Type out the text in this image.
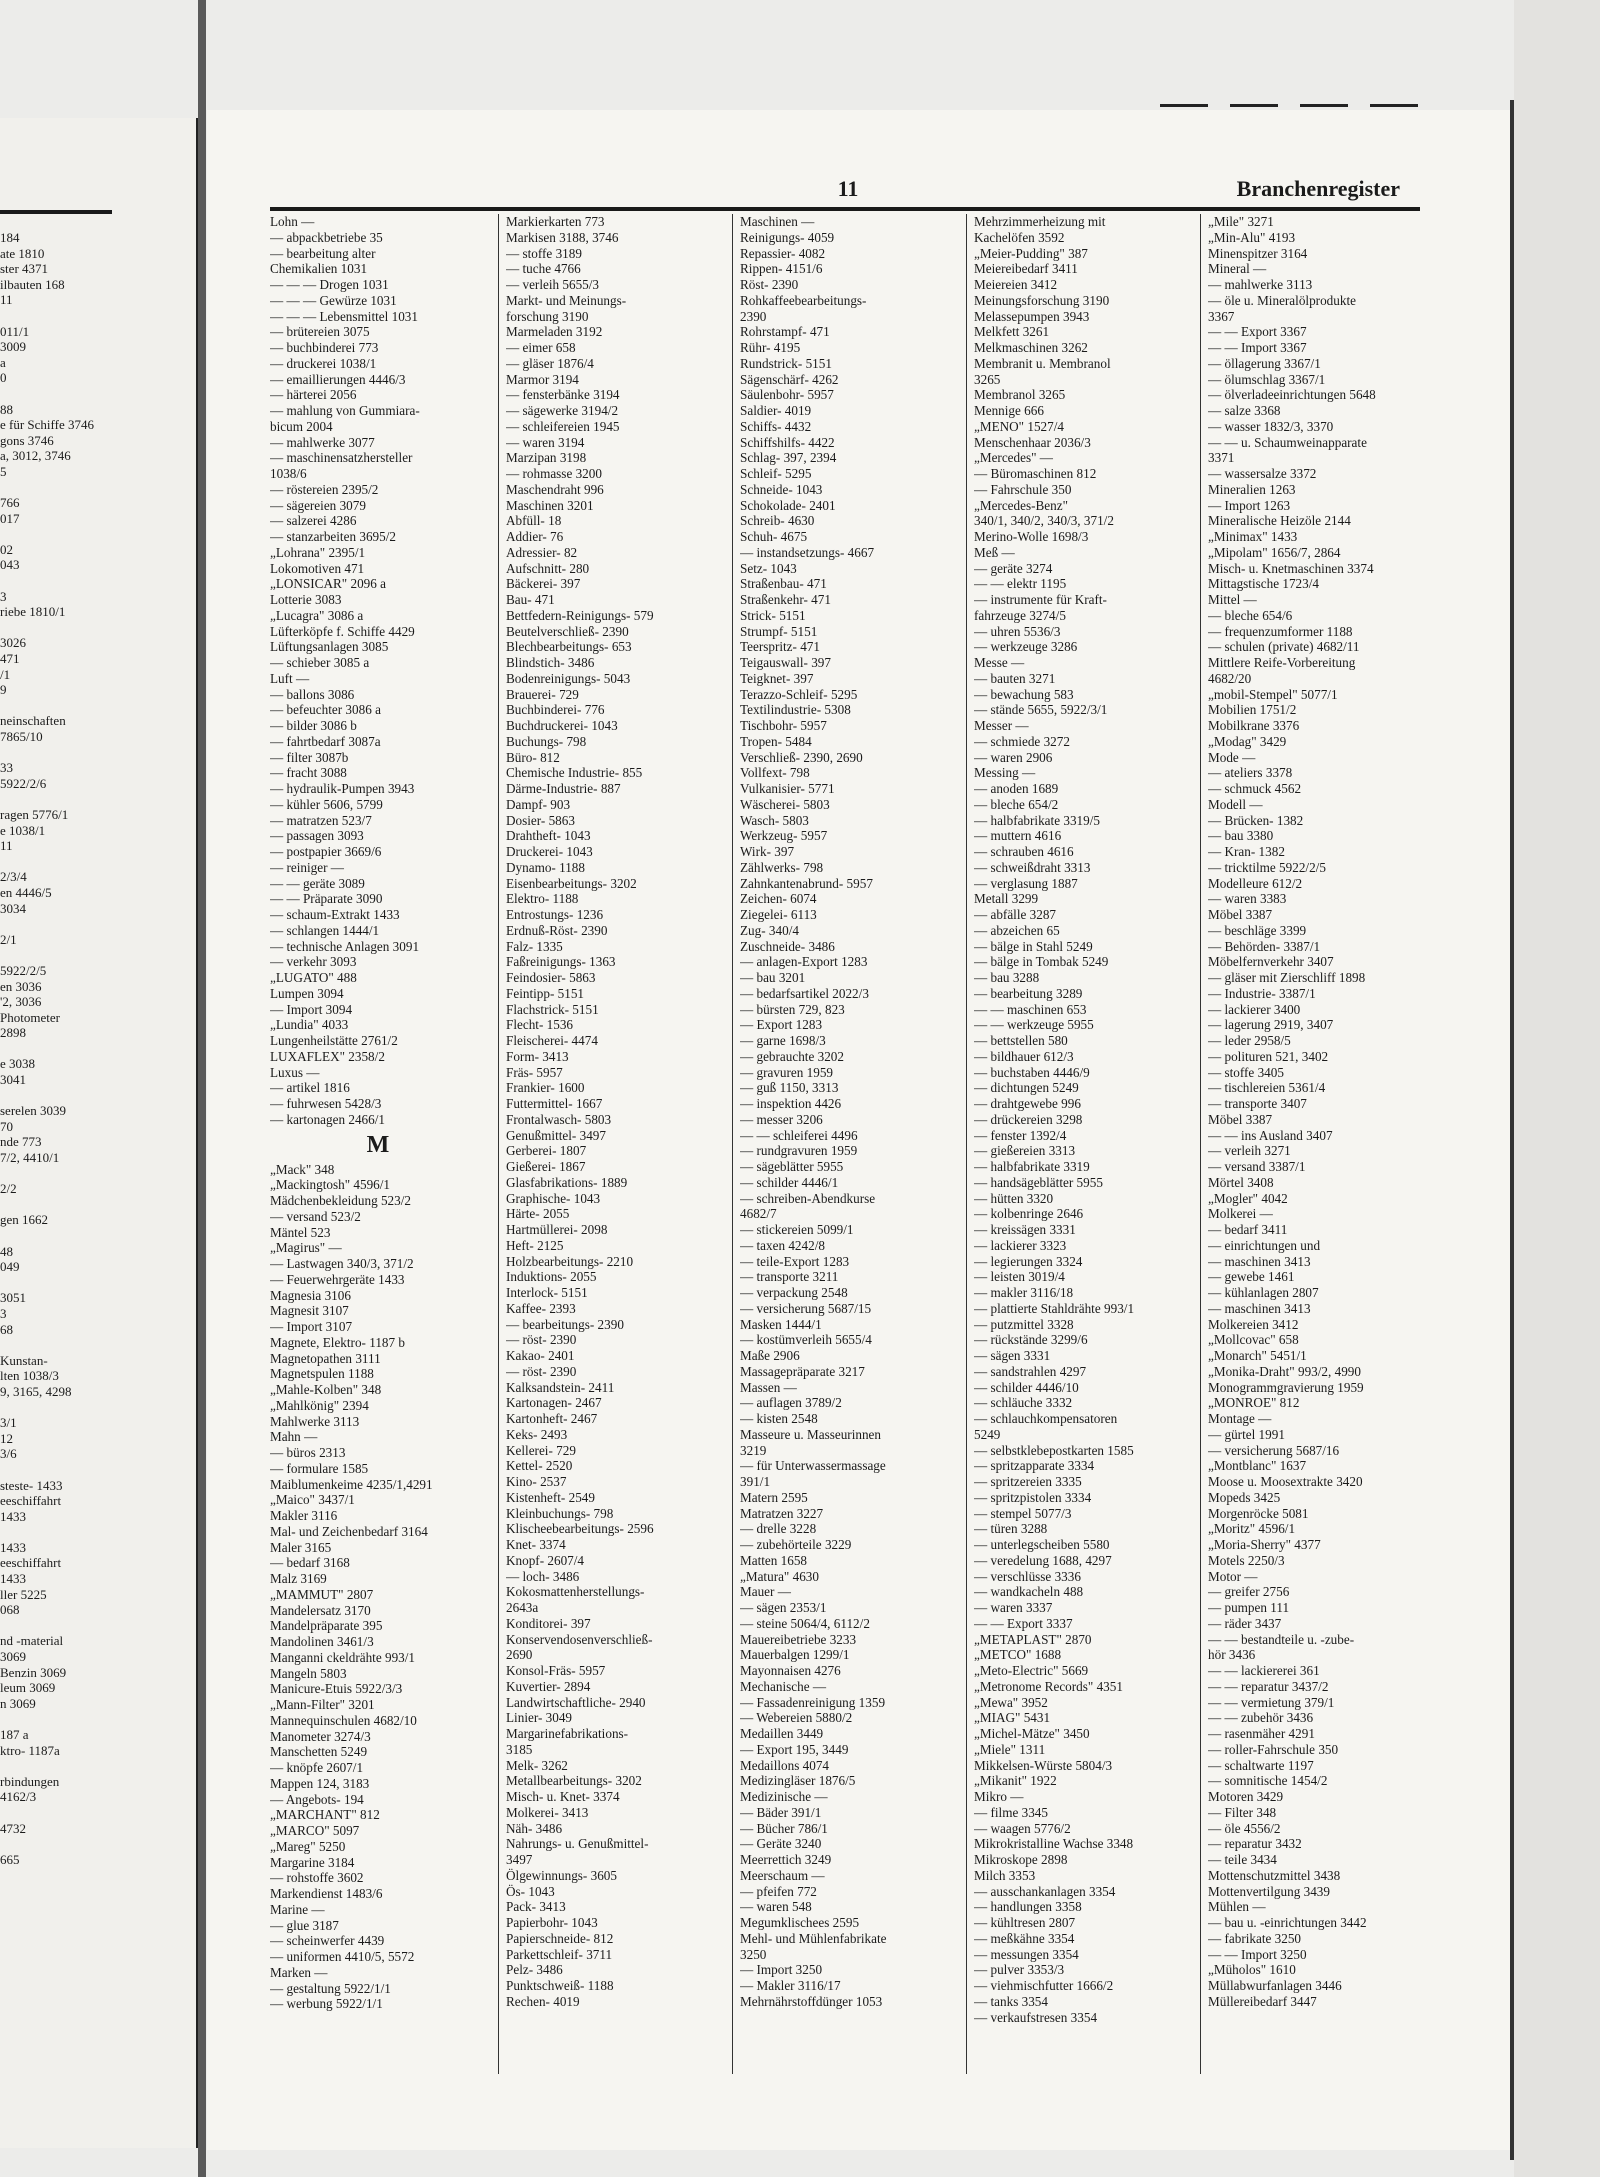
184
ate 1810
ster 4371
ilbauten 168
11
011/1
3009
a
0
88
e für Schiffe 3746
gons 3746
a, 3012, 3746
5
766
017
02
043
3
riebe 1810/1
3026
471
/1
9
neinschaften
7865/10
33
5922/2/6
ragen 5776/1
e 1038/1
11
2/3/4
en 4446/5
3034
2/1
5922/2/5
en 3036
'2, 3036
Photometer
2898
e 3038
3041
serelen 3039
70
nde 773
7/2, 4410/1
2/2
gen 1662
48
049
3051
3
68
Kunstan-
lten 1038/3
9, 3165, 4298
3/1
12
3/6
steste- 1433
eeschiffahrt
1433
1433
eeschiffahrt
1433
ller 5225
068
nd -material
3069
Benzin 3069
leum 3069
n 3069
187 a
ktro- 1187a
rbindungen
4162/3
4732
665
11	Branchenregister
Lohn —
— abpackbetriebe 35
— bearbeitung alter
Chemikalien 1031
— — — Drogen 1031
— — — Gewürze 1031
— — — Lebensmittel 1031
— brütereien 3075
— buchbinderei 773
— druckerei 1038/1
— emaillierungen 4446/3
— härterei 2056
— mahlung von Gummiara-
bicum 2004
— mahlwerke 3077
— maschinensatzhersteller
1038/6
— röstereien 2395/2
— sägereien 3079
— salzerei 4286
— stanzarbeiten 3695/2
„Lohrana" 2395/1
Lokomotiven 471
„LONSICAR" 2096 a
Lotterie 3083
„Lucagra" 3086 a
Lüfterköpfe f. Schiffe 4429
Lüftungsanlagen 3085
— schieber 3085 a
Luft —
— ballons 3086
— befeuchter 3086 a
— bilder 3086 b
— fahrtbedarf 3087a
— filter 3087b
— fracht 3088
— hydraulik-Pumpen 3943
— kühler 5606, 5799
— matratzen 523/7
— passagen 3093
— postpapier 3669/6
— reiniger —
— — geräte 3089
— — Präparate 3090
— schaum-Extrakt 1433
— schlangen 1444/1
— technische Anlagen 3091
— verkehr 3093
„LUGATO" 488
Lumpen 3094
— Import 3094
„Lundia" 4033
Lungenheilstätte 2761/2
LUXAFLEX" 2358/2
Luxus —
— artikel 1816
— fuhrwesen 5428/3
— kartonagen 2466/1
M
„Mack" 348
„Mackingtosh" 4596/1
Mädchenbekleidung 523/2
— versand 523/2
Mäntel 523
„Magirus" —
— Lastwagen 340/3, 371/2
— Feuerwehrgeräte 1433
Magnesia 3106
Magnesit 3107
— Import 3107
Magnete, Elektro- 1187 b
Magnetopathen 3111
Magnetspulen 1188
„Mahle-Kolben" 348
„Mahlkönig" 2394
Mahlwerke 3113
Mahn —
— büros 2313
— formulare 1585
Maiblumenkeime 4235/1,4291
„Maico" 3437/1
Makler 3116
Mal- und Zeichenbedarf 3164
Maler 3165
— bedarf 3168
Malz 3169
„MAMMUT" 2807
Mandelersatz 3170
Mandelpräparate 395
Mandolinen 3461/3
Manganni ckeldrähte 993/1
Mangeln 5803
Manicure-Etuis 5922/3/3
„Mann-Filter" 3201
Mannequinschulen 4682/10
Manometer 3274/3
Manschetten 5249
— knöpfe 2607/1
Mappen 124, 3183
— Angebots- 194
„MARCHANT" 812
„MARCO" 5097
„Mareg" 5250
Margarine 3184
— rohstoffe 3602
Markendienst 1483/6
Marine —
— glue 3187
— scheinwerfer 4439
— uniformen 4410/5, 5572
Marken —
— gestaltung 5922/1/1
— werbung 5922/1/1
Markierkarten 773
Markisen 3188, 3746
— stoffe 3189
— tuche 4766
— verleih 5655/3
Markt- und Meinungs-
forschung 3190
Marmeladen 3192
— eimer 658
— gläser 1876/4
Marmor 3194
— fensterbänke 3194
— sägewerke 3194/2
— schleifereien 1945
— waren 3194
Marzipan 3198
— rohmasse 3200
Maschendraht 996
Maschinen 3201
Abfüll- 18
Addier- 76
Adressier- 82
Aufschnitt- 280
Bäckerei- 397
Bau- 471
Bettfedern-Reinigungs- 579
Beutelverschließ- 2390
Blechbearbeitungs- 653
Blindstich- 3486
Bodenreinigungs- 5043
Brauerei- 729
Buchbinderei- 776
Buchdruckerei- 1043
Buchungs- 798
Büro- 812
Chemische Industrie- 855
Därme-Industrie- 887
Dampf- 903
Dosier- 5863
Drahtheft- 1043
Druckerei- 1043
Dynamo- 1188
Eisenbearbeitungs- 3202
Elektro- 1188
Entrostungs- 1236
Erdnuß-Röst- 2390
Falz- 1335
Faßreinigungs- 1363
Feindosier- 5863
Feintipp- 5151
Flachstrick- 5151
Flecht- 1536
Fleischerei- 4474
Form- 3413
Fräs- 5957
Frankier- 1600
Futtermittel- 1667
Frontalwasch- 5803
Genußmittel- 3497
Gerberei- 1807
Gießerei- 1867
Glasfabrikations- 1889
Graphische- 1043
Härte- 2055
Hartmüllerei- 2098
Heft- 2125
Holzbearbeitungs- 2210
Induktions- 2055
Interlock- 5151
Kaffee- 2393
— bearbeitungs- 2390
— röst- 2390
Kakao- 2401
— röst- 2390
Kalksandstein- 2411
Kartonagen- 2467
Kartonheft- 2467
Keks- 2493
Kellerei- 729
Kettel- 2520
Kino- 2537
Kistenheft- 2549
Kleinbuchungs- 798
Klischeebearbeitungs- 2596
Knet- 3374
Knopf- 2607/4
— loch- 3486
Kokosmattenherstellungs-
2643a
Konditorei- 397
Konservendosenverschließ-
2690
Konsol-Fräs- 5957
Kuvertier- 2894
Landwirtschaftliche- 2940
Linier- 3049
Margarinefabrikations-
3185
Melk- 3262
Metallbearbeitungs- 3202
Misch- u. Knet- 3374
Molkerei- 3413
Näh- 3486
Nahrungs- u. Genußmittel-
3497
Ölgewinnungs- 3605
Ös- 1043
Pack- 3413
Papierbohr- 1043
Papierschneide- 812
Parkettschleif- 3711
Pelz- 3486
Punktschweiß- 1188
Rechen- 4019
Maschinen —
Reinigungs- 4059
Repassier- 4082
Rippen- 4151/6
Röst- 2390
Rohkaffeebearbeitungs-
2390
Rohrstampf- 471
Rühr- 4195
Rundstrick- 5151
Sägenschärf- 4262
Säulenbohr- 5957
Saldier- 4019
Schiffs- 4432
Schiffshilfs- 4422
Schlag- 397, 2394
Schleif- 5295
Schneide- 1043
Schokolade- 2401
Schreib- 4630
Schuh- 4675
— instandsetzungs- 4667
Setz- 1043
Straßenbau- 471
Straßenkehr- 471
Strick- 5151
Strumpf- 5151
Teerspritz- 471
Teigauswall- 397
Teigknet- 397
Terazzo-Schleif- 5295
Textilindustrie- 5308
Tischbohr- 5957
Tropen- 5484
Verschließ- 2390, 2690
Vollfext- 798
Vulkanisier- 5771
Wäscherei- 5803
Wasch- 5803
Werkzeug- 5957
Wirk- 397
Zählwerks- 798
Zahnkantenabrund- 5957
Zeichen- 6074
Ziegelei- 6113
Zug- 340/4
Zuschneide- 3486
— anlagen-Export 1283
— bau 3201
— bedarfsartikel 2022/3
— bürsten 729, 823
— Export 1283
— garne 1698/3
— gebrauchte 3202
— gravuren 1959
— guß 1150, 3313
— inspektion 4426
— messer 3206
— — schleiferei 4496
— rundgravuren 1959
— sägeblätter 5955
— schilder 4446/1
— schreiben-Abendkurse
4682/7
— stickereien 5099/1
— taxen 4242/8
— teile-Export 1283
— transporte 3211
— verpackung 2548
— versicherung 5687/15
Masken 1444/1
— kostümverleih 5655/4
Maße 2906
Massagepräparate 3217
Massen —
— auflagen 3789/2
— kisten 2548
Masseure u. Masseurinnen
3219
— für Unterwassermassage
391/1
Matern 2595
Matratzen 3227
— drelle 3228
— zubehörteile 3229
Matten 1658
„Matura" 4630
Mauer —
— sägen 2353/1
— steine 5064/4, 6112/2
Mauereibetriebe 3233
Mauerbalgen 1299/1
Mayonnaisen 4276
Mechanische —
— Fassadenreinigung 1359
— Webereien 5880/2
Medaillen 3449
— Export 195, 3449
Medaillons 4074
Medizingläser 1876/5
Medizinische —
— Bäder 391/1
— Bücher 786/1
— Geräte 3240
Meerrettich 3249
Meerschaum —
— pfeifen 772
— waren 548
Megumklischees 2595
Mehl- und Mühlenfabrikate
3250
— Import 3250
— Makler 3116/17
Mehrnährstoffdünger 1053
Mehrzimmerheizung mit
Kachelöfen 3592
„Meier-Pudding" 387
Meiereibedarf 3411
Meiereien 3412
Meinungsforschung 3190
Melassepumpen 3943
Melkfett 3261
Melkmaschinen 3262
Membranit u. Membranol
3265
Membranol 3265
Mennige 666
„MENO" 1527/4
Menschenhaar 2036/3
„Mercedes" —
— Büromaschinen 812
— Fahrschule 350
„Mercedes-Benz"
340/1, 340/2, 340/3, 371/2
Merino-Wolle 1698/3
Meß —
— geräte 3274
— — elektr 1195
— instrumente für Kraft-
fahrzeuge 3274/5
— uhren 5536/3
— werkzeuge 3286
Messe —
— bauten 3271
— bewachung 583
— stände 5655, 5922/3/1
Messer —
— schmiede 3272
— waren 2906
Messing —
— anoden 1689
— bleche 654/2
— halbfabrikate 3319/5
— muttern 4616
— schrauben 4616
— schweißdraht 3313
— verglasung 1887
Metall 3299
— abfälle 3287
— abzeichen 65
— bälge in Stahl 5249
— bälge in Tombak 5249
— bau 3288
— bearbeitung 3289
— — maschinen 653
— — werkzeuge 5955
— bettstellen 580
— bildhauer 612/3
— buchstaben 4446/9
— dichtungen 5249
— drahtgewebe 996
— drückereien 3298
— fenster 1392/4
— gießereien 3313
— halbfabrikate 3319
— handsägeblätter 5955
— hütten 3320
— kolbenringe 2646
— kreissägen 3331
— lackierer 3323
— legierungen 3324
— leisten 3019/4
— makler 3116/18
— plattierte Stahldrähte 993/1
— putzmittel 3328
— rückstände 3299/6
— sägen 3331
— sandstrahlen 4297
— schilder 4446/10
— schläuche 3332
— schlauchkompensatoren
5249
— selbstklebepostkarten 1585
— spritzapparate 3334
— spritzereien 3335
— spritzpistolen 3334
— stempel 5077/3
— türen 3288
— unterlegscheiben 5580
— veredelung 1688, 4297
— verschlüsse 3336
— wandkacheln 488
— waren 3337
— — Export 3337
„METAPLAST" 2870
„METCO" 1688
„Meto-Electric" 5669
„Metronome Records" 4351
„Mewa" 3952
„MIAG" 5431
„Michel-Mätze" 3450
„Miele" 1311
Mikkelsen-Würste 5804/3
„Mikanit" 1922
Mikro —
— filme 3345
— waagen 5776/2
Mikrokristalline Wachse 3348
Mikroskope 2898
Milch 3353
— ausschankanlagen 3354
— handlungen 3358
— kühltresen 2807
— meßkähne 3354
— messungen 3354
— pulver 3353/3
— viehmischfutter 1666/2
— tanks 3354
— verkaufstresen 3354
„Mile" 3271
„Min-Alu" 4193
Minenspitzer 3164
Mineral —
— mahlwerke 3113
— öle u. Mineralölprodukte
3367
— — Export 3367
— — Import 3367
— öllagerung 3367/1
— ölumschlag 3367/1
— ölverladeeinrichtungen 5648
— salze 3368
— wasser 1832/3, 3370
— — u. Schaumweinapparate
3371
— wassersalze 3372
Mineralien 1263
— Import 1263
Mineralische Heizöle 2144
„Minimax" 1433
„Mipolam" 1656/7, 2864
Misch- u. Knetmaschinen 3374
Mittagstische 1723/4
Mittel —
— bleche 654/6
— frequenzumformer 1188
— schulen (private) 4682/11
Mittlere Reife-Vorbereitung
4682/20
„mobil-Stempel" 5077/1
Mobilien 1751/2
Mobilkrane 3376
„Modag" 3429
Mode —
— ateliers 3378
— schmuck 4562
Modell —
— Brücken- 1382
— bau 3380
— Kran- 1382
— tricktilme 5922/2/5
Modelleure 612/2
— waren 3383
Möbel 3387
— beschläge 3399
— Behörden- 3387/1
Möbelfernverkehr 3407
— gläser mit Zierschliff 1898
— Industrie- 3387/1
— lackierer 3400
— lagerung 2919, 3407
— leder 2958/5
— polituren 521, 3402
— stoffe 3405
— tischlereien 5361/4
— transporte 3407
Möbel 3387
— — ins Ausland 3407
— verleih 3271
— versand 3387/1
Mörtel 3408
„Mogler" 4042
Molkerei —
— bedarf 3411
— einrichtungen und
— maschinen 3413
— gewebe 1461
— kühlanlagen 2807
— maschinen 3413
Molkereien 3412
„Mollcovac" 658
„Monarch" 5451/1
„Monika-Draht" 993/2, 4990
Monogrammgravierung 1959
„MONROE" 812
Montage —
— gürtel 1991
— versicherung 5687/16
„Montblanc" 1637
Moose u. Moosextrakte 3420
Mopeds 3425
Morgenröcke 5081
„Moritz" 4596/1
„Moria-Sherry" 4377
Motels 2250/3
Motor —
— greifer 2756
— pumpen 111
— räder 3437
— — bestandteile u. -zube-
hör 3436
— — lackiererei 361
— — reparatur 3437/2
— — vermietung 379/1
— — zubehör 3436
— rasenmäher 4291
— roller-Fahrschule 350
— schaltwarte 1197
— somnitische 1454/2
Motoren 3429
— Filter 348
— öle 4556/2
— reparatur 3432
— teile 3434
Mottenschutzmittel 3438
Mottenvertilgung 3439
Mühlen —
— bau u. -einrichtungen 3442
— fabrikate 3250
— — Import 3250
„Müholos" 1610
Müllabwurfanlagen 3446
Müllereibedarf 3447
